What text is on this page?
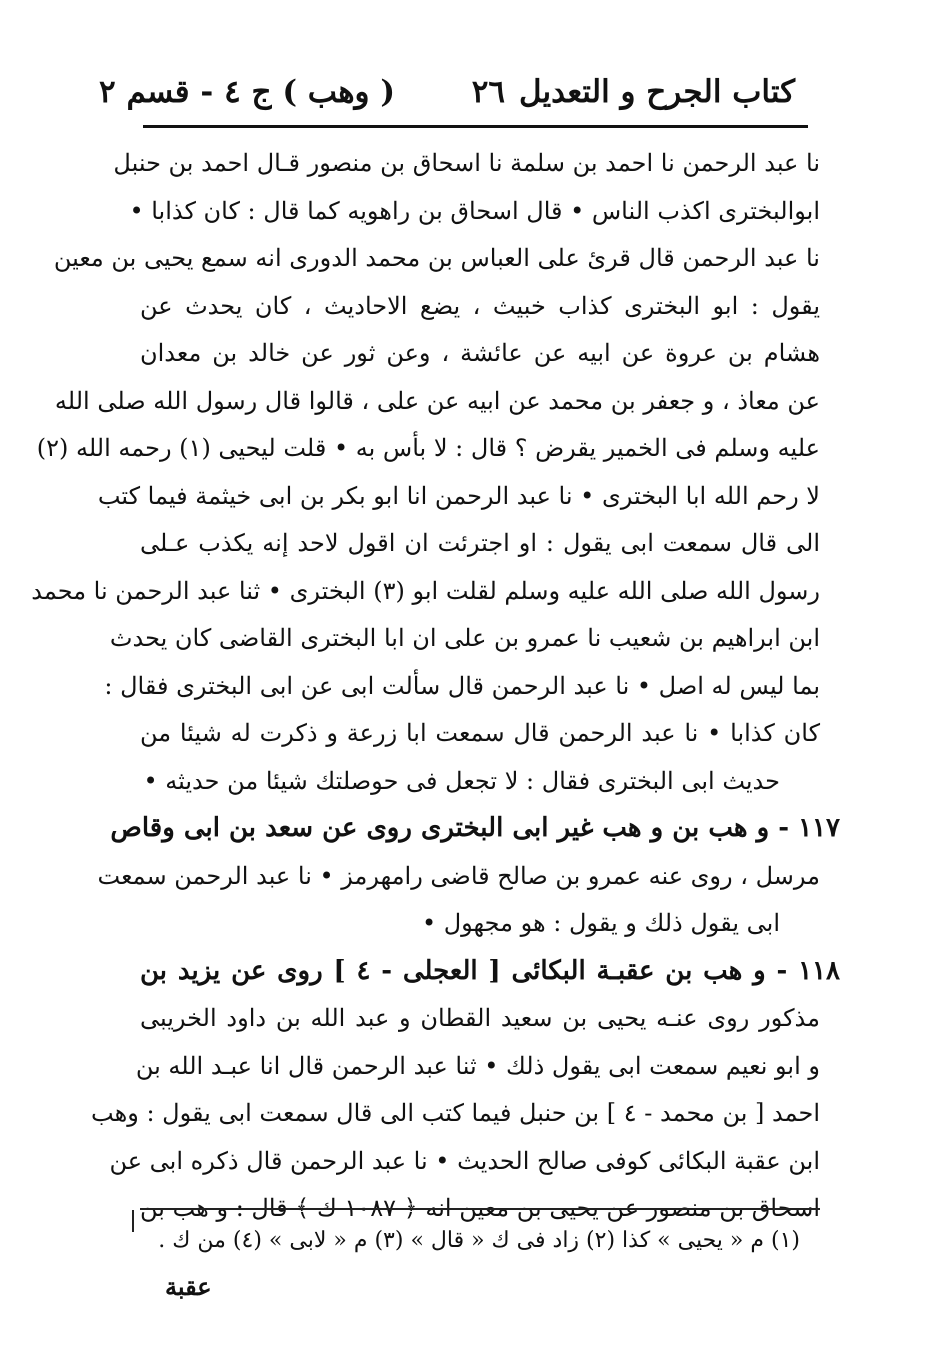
كتاب الجرح و التعديل
٢٦
( وهب ) ج ٤ - قسم ٢
نا عبد الرحمن نا احمد بن سلمة نا اسحاق بن منصور قـال احمد بن حنبل
ابوالبختری اكذب الناس • قال اسحاق بن راهويه كما قال : كان كذابا •
نا عبد الرحمن قال قرئ على العباس بن محمد الدورى انه سمع يحيى بن معين
يقول : ابو البختری كذاب خبيث ، يضع الاحاديث ، كان يحدث عن
هشام بن عروة عن ابيه عن عائشة ، وعن ثور عن خالد بن معدان
عن معاذ ، و جعفر بن محمد عن ابيه عن على ، قالوا قال رسول الله صلى الله
عليه وسلم فى الخمير يقرض ؟ قال : لا بأس به • قلت ليحيى (١) رحمه الله (٢)
لا رحم الله ابا البختری • نا عبد الرحمن انا ابو بكر بن ابى خيثمة فيما كتب
الى قال سمعت ابى يقول : او اجترئت ان اقول لاحد إنه يكذب عـلى
رسول الله صلى الله عليه وسلم لقلت ابو (٣) البختری • ثنا عبد الرحمن نا محمد
ابن ابراهيم بن شعيب نا عمرو بن على ان ابا البختری القاضى كان يحدث
بما ليس له اصل • نا عبد الرحمن قال سألت ابى عن ابى البختری فقال :
كان كذابا • نا عبد الرحمن قال سمعت ابا زرعة و ذكرت له شيئا من
حديث ابى البختری فقال : لا تجعل فى حوصلتك شيئا من حديثه •
١١٧ - و هب بن و هب غير ابى البختری روى عن سعد بن ابى وقاص
مرسل ، روى عنه عمرو بن صالح قاضى رامهرمز • نا عبد الرحمن سمعت
ابى يقول ذلك و يقول : هو مجهول •
١١٨ - و هب بن عقبـة البكائى [ العجلى - ٤ ] روى عن يزيد بن
مذكور روى عنـه يحيى بن سعيد القطان و عبد الله بن داود الخريبى
و ابو نعيم سمعت ابى يقول ذلك • ثنا عبد الرحمن قال انا عبـد الله بن
احمد [ بن محمد - ٤ ] بن حنبل فيما كتب الى قال سمعت ابى يقول : وهب
ابن عقبة البكائى كوفى صالح الحديث • نا عبد الرحمن قال ذكره ابى عن
اسحاق بن منصور عن يحيى بن معين انه ﴿ ١٠٨٧ ك ﴾ قال : و هب بن
(١) م « يحيى » كذا (٢) زاد فى ك « قال » (٣) م « لابى » (٤) من ك .
عقبة
